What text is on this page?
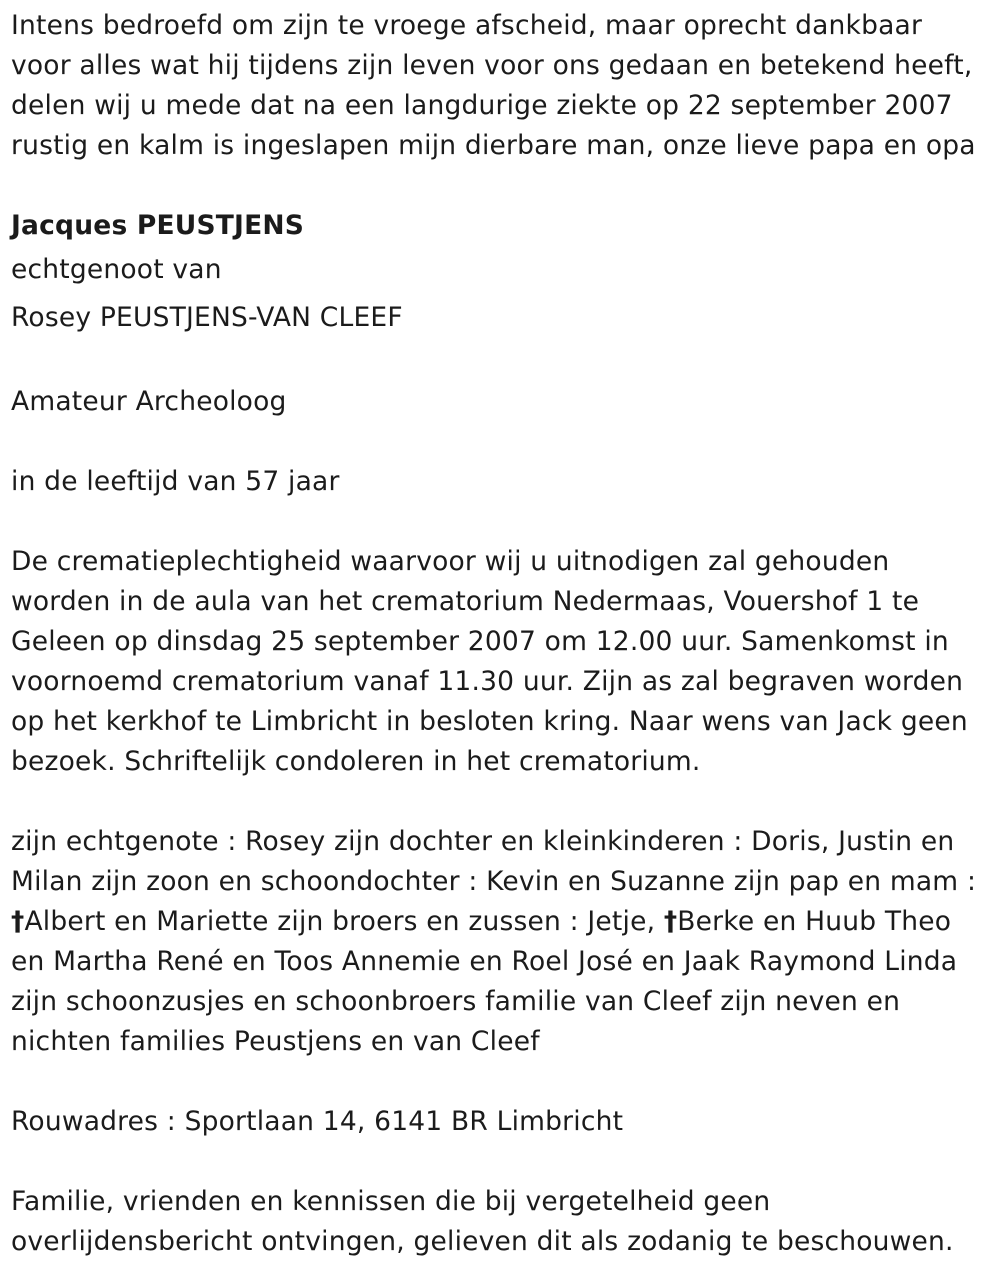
Intens bedroefd om zijn te vroege afscheid, maar oprecht dankbaar voor alles wat hij tijdens zijn leven voor ons gedaan en betekend heeft, delen wij u mede dat na een langdurige ziekte op 22 september 2007 rustig en kalm is ingeslapen mijn dierbare man, onze lieve papa en opa

Jacques PEUSTJENS
echtgenoot van
Rosey PEUSTJENS-VAN CLEEF

Amateur Archeoloog

in de leeftijd van 57 jaar

De crematieplechtigheid waarvoor wij u uitnodigen zal gehouden worden in de aula van het crematorium Nedermaas, Vouershof 1 te Geleen op dinsdag 25 september 2007 om 12.00 uur. Samenkomst in voornoemd crematorium vanaf 11.30 uur. Zijn as zal begraven worden op het kerkhof te Limbricht in besloten kring. Naar wens van Jack geen bezoek. Schriftelijk condoleren in het crematorium.

zijn echtgenote : Rosey zijn dochter en kleinkinderen : Doris, Justin en Milan zijn zoon en schoondochter : Kevin en Suzanne zijn pap en mam : †Albert en Mariette zijn broers en zussen : Jetje, †Berke en Huub Theo en Martha René en Toos Annemie en Roel José en Jaak Raymond Linda zijn schoonzusjes en schoonbroers familie van Cleef zijn neven en nichten families Peustjens en van Cleef

Rouwadres : Sportlaan 14, 6141 BR Limbricht

Familie, vrienden en kennissen die bij vergetelheid geen overlijdensbericht ontvingen, gelieven dit als zodanig te beschouwen.
